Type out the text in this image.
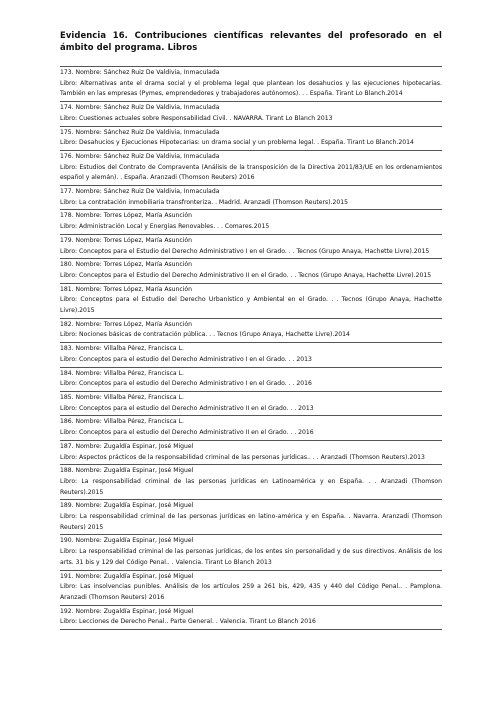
Evidencia 16. Contribuciones científicas relevantes del profesorado en el ámbito del programa. Libros
173. Nombre: Sánchez Ruiz De Valdivia, Inmaculada
Libro: Alternativas ante el drama social y el problema legal que plantean los desahucios y las ejecuciones hipotecarias. También en las empresas (Pymes, emprendedores y trabajadores autónomos). . . España. Tirant Lo Blanch.2014
174. Nombre: Sánchez Ruiz De Valdivia, Inmaculada
Libro: Cuestiones actuales sobre Responsabilidad Civil. . NAVARRA. Tirant Lo Blanch 2013
175. Nombre: Sánchez Ruiz De Valdivia, Inmaculada
Libro: Desahucios y Ejecuciones Hipotecarias: un drama social y un problema legal. . España. Tirant Lo Blanch.2014
176. Nombre: Sánchez Ruiz De Valdivia, Inmaculada
Libro: Estudios del Contrato de Compraventa (Análisis de la transposición de la Directiva 2011/83/UE en los ordenamientos español y alemán). . España. Aranzadi (Thomson Reuters) 2016
177. Nombre: Sánchez Ruiz De Valdivia, Inmaculada
Libro: La contratación inmobiliaria transfronteriza. . Madrid. Aranzadi (Thomson Reuters).2015
178. Nombre: Torres López, María Asunción
Libro: Administración Local y Energías Renovables. . . Comares.2015
179. Nombre: Torres López, María Asunción
Libro: Conceptos para el Estudio del Derecho Administrativo I en el Grado. . . Tecnos (Grupo Anaya, Hachette Livre).2015
180. Nombre: Torres López, María Asunción
Libro: Conceptos para el Estudio del Derecho Administrativo II en el Grado. . . Tecnos (Grupo Anaya, Hachette Livre).2015
181. Nombre: Torres López, María Asunción
Libro: Conceptos para el Estudio del Derecho Urbanístico y Ambiental en el Grado. . . Tecnos (Grupo Anaya, Hachette Livre).2015
182. Nombre: Torres López, María Asunción
Libro: Nociones básicas de contratación pública. . . Tecnos (Grupo Anaya, Hachette Livre).2014
183. Nombre: Villalba Pérez, Francisca L.
Libro: Conceptos para el estudio del Derecho Administrativo I en el Grado. . . 2013
184. Nombre: Villalba Pérez, Francisca L.
Libro: Conceptos para el estudio del Derecho Administrativo I en el Grado. . . 2016
185. Nombre: Villalba Pérez, Francisca L.
Libro: Conceptos para el estudio del Derecho Administrativo II en el Grado. . . 2013
186. Nombre: Villalba Pérez, Francisca L.
Libro: Conceptos para el estudio del Derecho Administrativo II en el Grado. . . 2016
187. Nombre: Zugaldía Espinar, José Miguel
Libro: Aspectos prácticos de la responsabilidad criminal de las personas jurídicas.. . . Aranzadi (Thomson Reuters).2013
188. Nombre: Zugaldía Espinar, José Miguel
Libro: La responsabilidad criminal de las personas jurídicas en Latinoamérica y en España. . . Aranzadi (Thomson Reuters).2015
189. Nombre: Zugaldía Espinar, José Miguel
Libro: La responsabilidad criminal de las personas jurídicas en latino-américa y en España. . Navarra. Aranzadi (Thomson Reuters) 2015
190. Nombre: Zugaldía Espinar, José Miguel
Libro: La responsabilidad criminal de las personas jurídicas, de los entes sin personalidad y de sus directivos. Análisis de los arts. 31 bis y 129 del Código Penal.. . Valencia. Tirant Lo Blanch 2013
191. Nombre: Zugaldía Espinar, José Miguel
Libro: Las insolvencias punibles. Análisis de los artículos 259 a 261 bis, 429, 435 y 440 del Código Penal.. . Pamplona. Aranzadi (Thomson Reuters) 2016
192. Nombre: Zugaldía Espinar, José Miguel
Libro: Lecciones de Derecho Penal.. Parte General. . Valencia. Tirant Lo Blanch 2016
